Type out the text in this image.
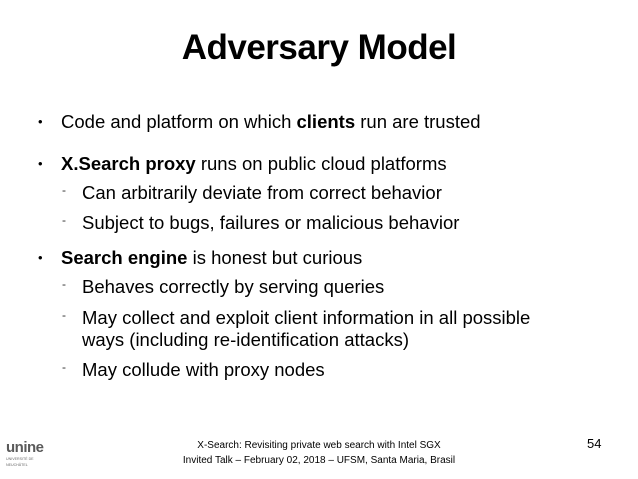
Adversary Model
• Code and platform on which clients run are trusted
• X.Search proxy runs on public cloud platforms
- Can arbitrarily deviate from correct behavior
- Subject to bugs, failures or malicious behavior
• Search engine is honest but curious
- Behaves correctly by serving queries
- May collect and exploit client information in all possible
ways (including re-identification attacks)
- May collude with proxy nodes
unine
UNIVERSITÉ DE
NEUCHÂTEL
X-Search: Revisiting private web search with Intel SGX
Invited Talk – February 02, 2018 – UFSM, Santa Maria, Brasil
54
